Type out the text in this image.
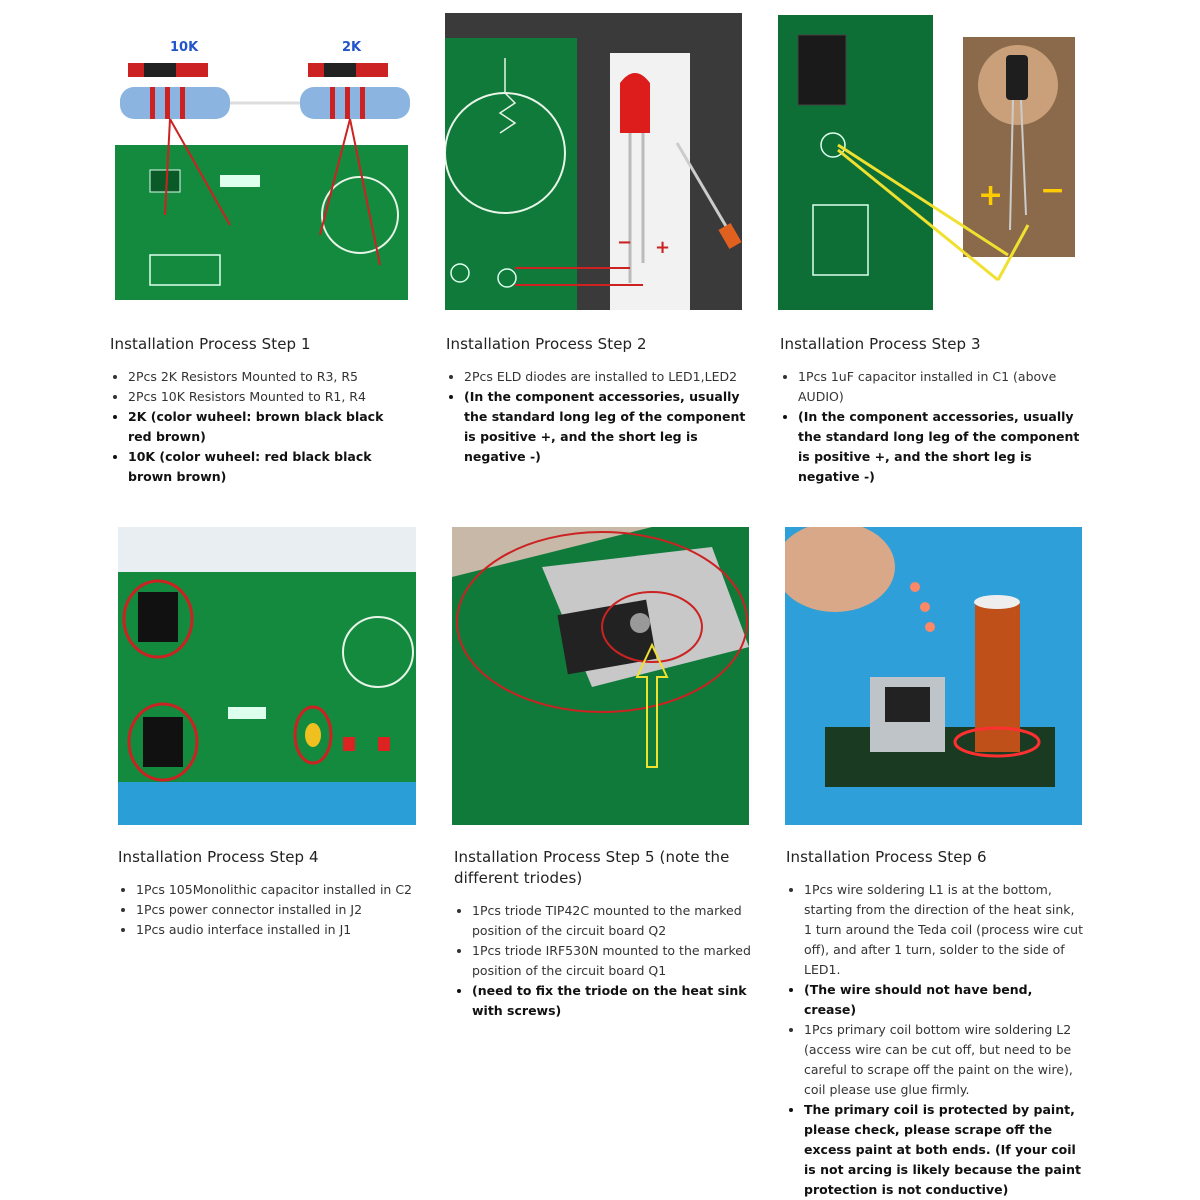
10K	2K
− +
+ −
Installation Process Step 1
• 2Pcs 2K Resistors Mounted to R3, R5
• 2Pcs 10K Resistors Mounted to R1, R4
• 2K (color wuheel: brown black black red brown)
• 10K (color wuheel: red black black brown brown)
Installation Process Step 2
• 2Pcs ELD diodes are installed to LED1,LED2
• (In the component accessories, usually the standard long leg of the component is positive +, and the short leg is negative -)
Installation Process Step 3
• 1Pcs 1uF capacitor installed in C1 (above AUDIO)
• (In the component accessories, usually the standard long leg of the component is positive +, and the short leg is negative -)
Installation Process Step 4
• 1Pcs 105Monolithic capacitor installed in C2
• 1Pcs power connector installed in J2
• 1Pcs audio interface installed in J1
Installation Process Step 5 (note the different triodes)
• 1Pcs triode TIP42C mounted to the marked position of the circuit board Q2
• 1Pcs triode IRF530N mounted to the marked position of the circuit board Q1
• (need to fix the triode on the heat sink with screws)
Installation Process Step 6
• 1Pcs wire soldering L1 is at the bottom, starting from the direction of the heat sink, 1 turn around the Teda coil (process wire cut off), and after 1 turn, solder to the side of LED1.
• (The wire should not have bend, crease)
• 1Pcs primary coil bottom wire soldering L2 (access wire can be cut off, but need to be careful to scrape off the paint on the wire), coil please use glue firmly.
• The primary coil is protected by paint, please check, please scrape off the excess paint at both ends. (If your coil is not arcing is likely because the paint protection is not conductive)
